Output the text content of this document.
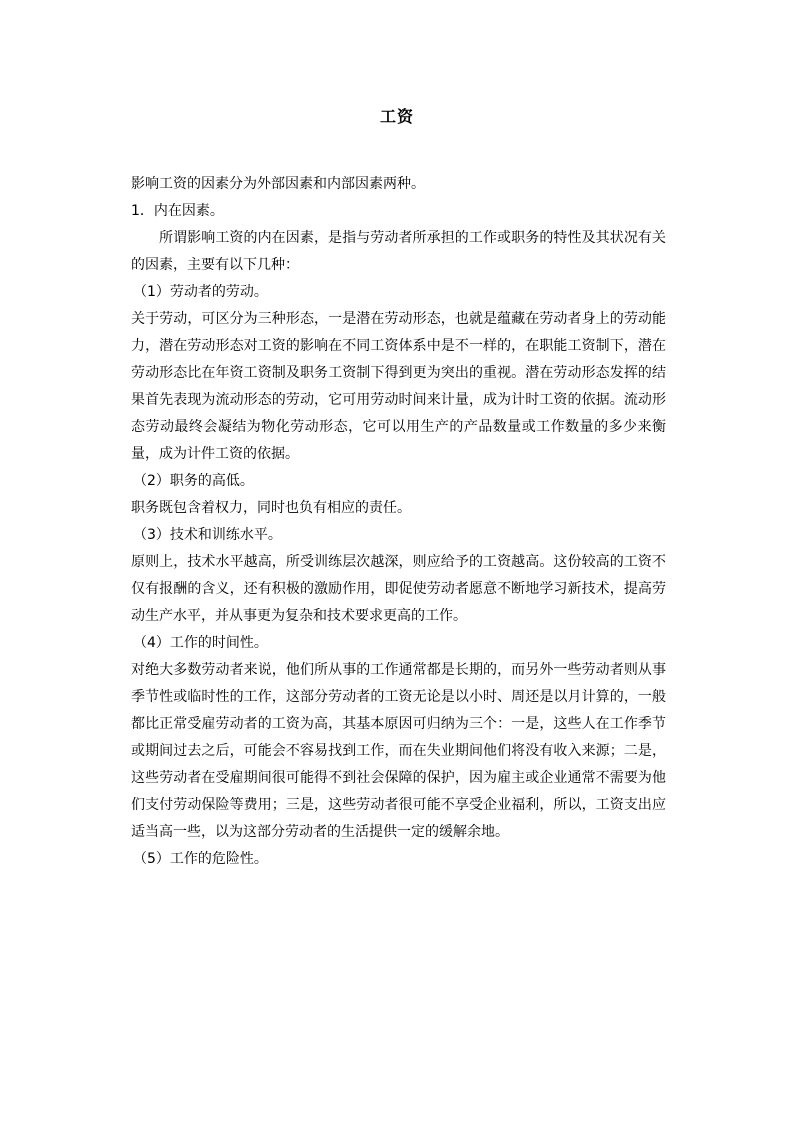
工资

影响工资的因素分为外部因素和内部因素两种。

1．内在因素。

所谓影响工资的内在因素，是指与劳动者所承担的工作或职务的特性及其状况有关的因素，主要有以下几种：

（1）劳动者的劳动。

关于劳动，可区分为三种形态，一是潜在劳动形态，也就是蕴藏在劳动者身上的劳动能力，潜在劳动形态对工资的影响在不同工资体系中是不一样的，在职能工资制下，潜在劳动形态比在年资工资制及职务工资制下得到更为突出的重视。潜在劳动形态发挥的结果首先表现为流动形态的劳动，它可用劳动时间来计量，成为计时工资的依据。流动形态劳动最终会凝结为物化劳动形态，它可以用生产的产品数量或工作数量的多少来衡量，成为计件工资的依据。

（2）职务的高低。

职务既包含着权力，同时也负有相应的责任。

（3）技术和训练水平。

原则上，技术水平越高，所受训练层次越深，则应给予的工资越高。这份较高的工资不仅有报酬的含义，还有积极的激励作用，即促使劳动者愿意不断地学习新技术，提高劳动生产水平，并从事更为复杂和技术要求更高的工作。

（4）工作的时间性。

对绝大多数劳动者来说，他们所从事的工作通常都是长期的，而另外一些劳动者则从事季节性或临时性的工作，这部分劳动者的工资无论是以小时、周还是以月计算的，一般都比正常受雇劳动者的工资为高，其基本原因可归纳为三个：一是，这些人在工作季节或期间过去之后，可能会不容易找到工作，而在失业期间他们将没有收入来源；二是，这些劳动者在受雇期间很可能得不到社会保障的保护，因为雇主或企业通常不需要为他们支付劳动保险等费用；三是，这些劳动者很可能不享受企业福利，所以，工资支出应适当高一些，以为这部分劳动者的生活提供一定的缓解余地。

（5）工作的危险性。
